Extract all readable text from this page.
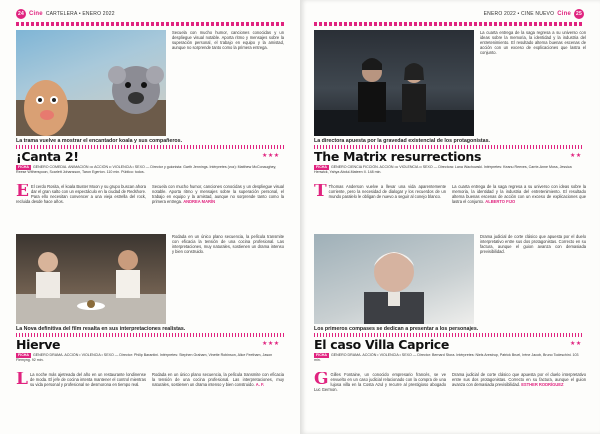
24 Cine CARTELERA • ENERO 2022
Secuela con mucho humor, canciones conocidas y un despliegue visual notable. Aporta ritmo y mensajes sobre la superación personal, el trabajo en equipo y la amistad, aunque no sorprende tanto como la primera entrega.
La trama vuelve a mostrar el encantador koala y sus compañeros.
¡Canta 2!	★★★
FICHA GÉNERO COMEDIA. ANIMACIÓN ••• ACCIÓN •• VIOLENCIA • SEXO — Director y guionista: Garth Jennings. Intérpretes (voz): Matthew McConaughey, Reese Witherspoon, Scarlett Johansson, Taron Egerton. 110 min. Público: todos.
E El cerdo Rosita, el koala Buster Moon y su grupo buscan ahora dar el gran salto con un espectáculo en la ciudad de Redshore. Para ello necesitan convencer a una vieja estrella del rock, recluida desde hace años.
Secuela con mucho humor, canciones conocidas y un despliegue visual notable. Aporta ritmo y mensajes sobre la superación personal, el trabajo en equipo y la amistad, aunque no sorprende tanto como la primera entrega. ANDREA MARÍN
Rodada en un único plano secuencia, la película transmite con eficacia la tensión de una cocina profesional. Las interpretaciones, muy naturales, sostienen un drama intenso y bien construido.
La Nova definitiva del film resalta en sus interpretaciones realistas.
Hierve	★★★
FICHA GÉNERO DRAMA. ACCIÓN • VIOLENCIA • SEXO — Director: Philip Barantini. Intérpretes: Stephen Graham, Vinette Robinson, Alice Feetham, Jason Flemyng. 92 min.
L La noche más ajetreada del año en un restaurante londinense de moda. El jefe de cocina intenta mantener el control mientras su vida personal y profesional se desmorona en tiempo real.
Rodada en un único plano secuencia, la película transmite con eficacia la tensión de una cocina profesional. Las interpretaciones, muy naturales, sostienen un drama intenso y bien construido. A. F.
ENERO 2022 • CINE NUEVO Cine	25
La cuarta entrega de la saga regresa a su universo con ideas sobre la memoria, la identidad y la industria del entretenimiento. El resultado alterna buenas escenas de acción con un exceso de explicaciones que lastra el conjunto.
La directora apuesta por la gravedad existencial de los protagonistas.
The Matrix resurrections	★★
FICHA GÉNERO CIENCIA FICCIÓN. ACCIÓN ••• VIOLENCIA •• SEXO — Directora: Lana Wachowski. Intérpretes: Keanu Reeves, Carrie-Anne Moss, Jessica Henwick, Yahya Abdul-Mateen II. 148 min.
T Thomas Anderson vuelve a llevar una vida aparentemente corriente, pero la necesidad de dialogar y los recuerdos de un mundo paralelo le obligan de nuevo a seguir al conejo blanco.
La cuarta entrega de la saga regresa a su universo con ideas sobre la memoria, la identidad y la industria del entretenimiento. El resultado alterna buenas escenas de acción con un exceso de explicaciones que lastra el conjunto. ALBERTO FIJO
Drama judicial de corte clásico que apuesta por el duelo interpretativo entre sus dos protagonistas. Correcto en su factura, aunque el guion avanza con demasiada previsibilidad.
Los primeros compases se dedican a presentar a los personajes.
El caso Villa Caprice	★★
FICHA GÉNERO DRAMA. ACCIÓN • VIOLENCIA • SEXO — Director: Bernard Stora. Intérpretes: Niels Arestrup, Patrick Bruel, Irène Jacob, Bruno Todeschini. 103 min.
G Gilles Fontaine, un conocido empresario francés, se ve envuelto en un caso judicial relacionado con la compra de una lujosa villa en la Costa Azul y recurre al prestigioso abogado Luc Germon.
Drama judicial de corte clásico que apuesta por el duelo interpretativo entre sus dos protagonistas. Correcto en su factura, aunque el guion avanza con demasiada previsibilidad. ESTHER RODRÍGUEZ
